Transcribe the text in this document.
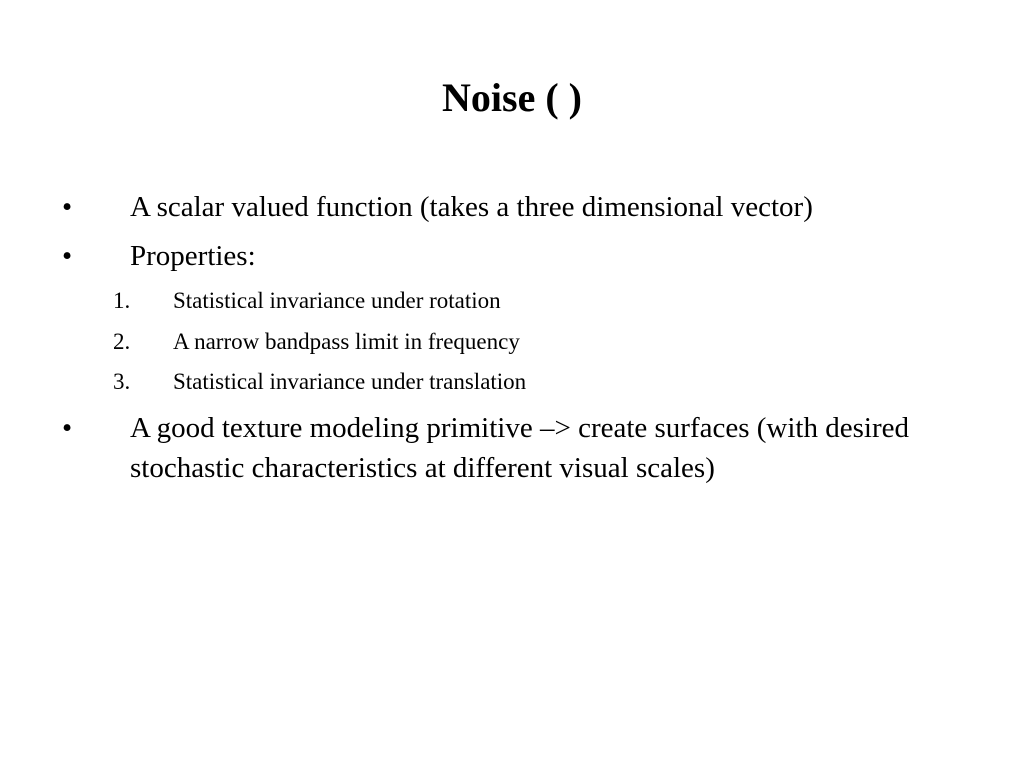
Noise ( )
• A scalar valued function (takes a three dimensional vector)
• Properties:
1. Statistical invariance under rotation
2. A narrow bandpass limit in frequency
3. Statistical invariance under translation
• A good texture modeling primitive –> create surfaces (with desired stochastic characteristics at different visual scales)
